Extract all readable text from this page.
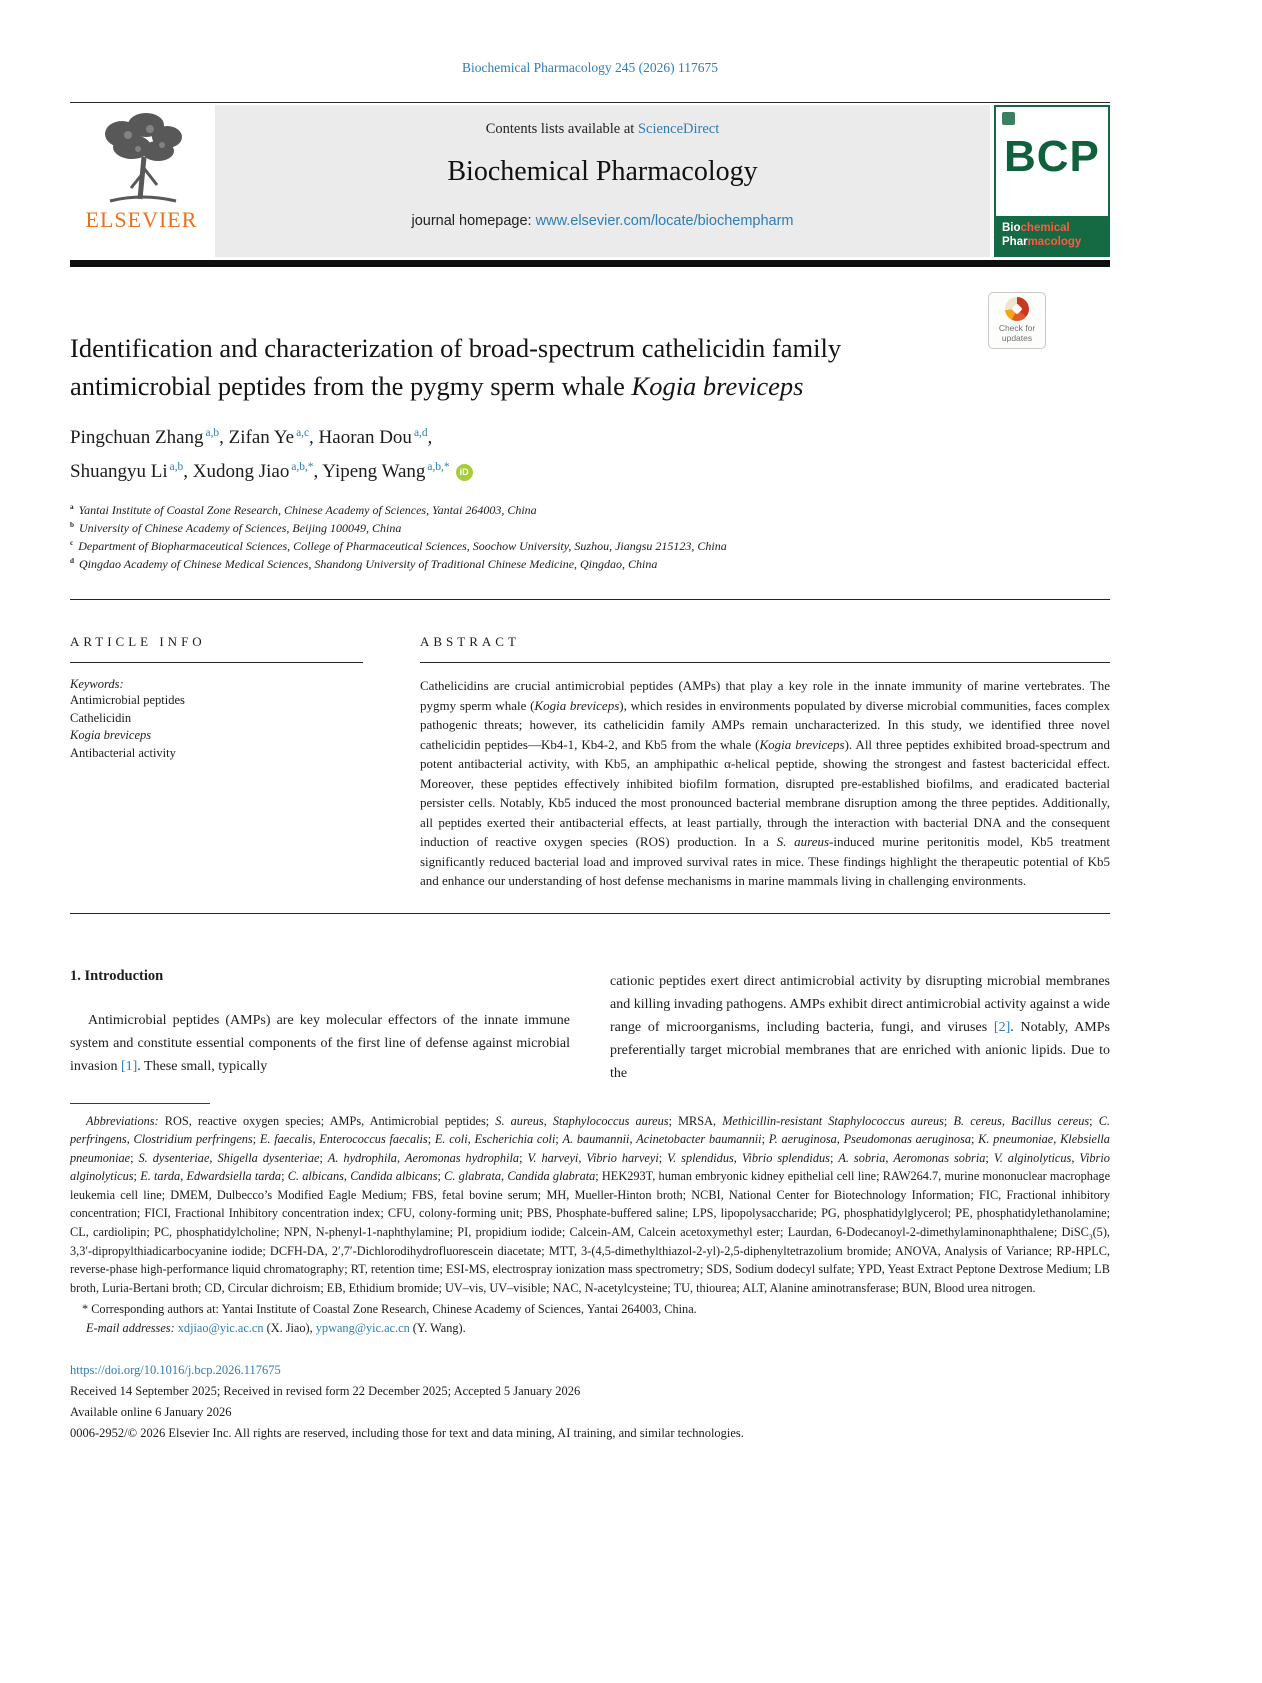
Biochemical Pharmacology 245 (2026) 117675
ELSEVIER
Contents lists available at ScienceDirect
Biochemical Pharmacology
journal homepage: www.elsevier.com/locate/biochempharm
BCP
Biochemical
Pharmacology
Identification and characterization of broad-spectrum cathelicidin family antimicrobial peptides from the pygmy sperm whale Kogia breviceps
Pingchuan Zhang $^{a,b}$, Zifan Ye $^{a,c}$, Haoran Dou $^{a,d}$,
Shuangyu Li $^{a,b}$, Xudong Jiao $^{a,b,*}$, Yipeng Wang $^{a,b,*}$ iD
$^a$ Yantai Institute of Coastal Zone Research, Chinese Academy of Sciences, Yantai 264003, China
$^b$ University of Chinese Academy of Sciences, Beijing 100049, China
$^c$ Department of Biopharmaceutical Sciences, College of Pharmaceutical Sciences, Soochow University, Suzhou, Jiangsu 215123, China
$^d$ Qingdao Academy of Chinese Medical Sciences, Shandong University of Traditional Chinese Medicine, Qingdao, China
ARTICLE INFO
Keywords:
Antimicrobial peptides
Cathelicidin
Kogia breviceps
Antibacterial activity
ABSTRACT

Cathelicidins are crucial antimicrobial peptides (AMPs) that play a key role in the innate immunity of marine vertebrates. The pygmy sperm whale (Kogia breviceps), which resides in environments populated by diverse microbial communities, faces complex pathogenic threats; however, its cathelicidin family AMPs remain uncharacterized. In this study, we identified three novel cathelicidin peptides—Kb4-1, Kb4-2, and Kb5 from the whale (Kogia breviceps). All three peptides exhibited broad-spectrum and potent antibacterial activity, with Kb5, an amphipathic α-helical peptide, showing the strongest and fastest bactericidal effect. Moreover, these peptides effectively inhibited biofilm formation, disrupted pre-established biofilms, and eradicated bacterial persister cells. Notably, Kb5 induced the most pronounced bacterial membrane disruption among the three peptides. Additionally, all peptides exerted their antibacterial effects, at least partially, through the interaction with bacterial DNA and the consequent induction of reactive oxygen species (ROS) production. In a S. aureus-induced murine peritonitis model, Kb5 treatment significantly reduced bacterial load and improved survival rates in mice. These findings highlight the therapeutic potential of Kb5 and enhance our understanding of host defense mechanisms in marine mammals living in challenging environments.

1. Introduction

Antimicrobial peptides (AMPs) are key molecular effectors of the innate immune system and constitute essential components of the first line of defense against microbial invasion [1]. These small, typically

cationic peptides exert direct antimicrobial activity by disrupting microbial membranes and killing invading pathogens. AMPs exhibit direct antimicrobial activity against a wide range of microorganisms, including bacteria, fungi, and viruses [2]. Notably, AMPs preferentially target microbial membranes that are enriched with anionic lipids. Due to the

Abbreviations: ROS, reactive oxygen species; AMPs, Antimicrobial peptides; S. aureus, Staphylococcus aureus; MRSA, Methicillin-resistant Staphylococcus aureus; B. cereus, Bacillus cereus; C. perfringens, Clostridium perfringens; E. faecalis, Enterococcus faecalis; E. coli, Escherichia coli; A. baumannii, Acinetobacter baumannii; P. aeruginosa, Pseudomonas aeruginosa; K. pneumoniae, Klebsiella pneumoniae; S. dysenteriae, Shigella dysenteriae; A. hydrophila, Aeromonas hydrophila; V. harveyi, Vibrio harveyi; V. splendidus, Vibrio splendidus; A. sobria, Aeromonas sobria; V. alginolyticus, Vibrio alginolyticus; E. tarda, Edwardsiella tarda; C. albicans, Candida albicans; C. glabrata, Candida glabrata; HEK293T, human embryonic kidney epithelial cell line; RAW264.7, murine mononuclear macrophage leukemia cell line; DMEM, Dulbecco’s Modified Eagle Medium; FBS, fetal bovine serum; MH, Mueller-Hinton broth; NCBI, National Center for Biotechnology Information; FIC, Fractional inhibitory concentration; FICI, Fractional Inhibitory concentration index; CFU, colony-forming unit; PBS, Phosphate-buffered saline; LPS, lipopolysaccharide; PG, phosphatidylglycerol; PE, phosphatidylethanolamine; CL, cardiolipin; PC, phosphatidylcholine; NPN, N-phenyl-1-naphthylamine; PI, propidium iodide; Calcein-AM, Calcein acetoxymethyl ester; Laurdan, 6-Dodecanoyl-2-dimethylaminonaphthalene; DiSC$_3$(5), 3,3′-dipropylthiadicarbocyanine iodide; DCFH-DA, 2′,7′-Dichlorodihydrofluorescein diacetate; MTT, 3-(4,5-dimethylthiazol-2-yl)-2,5-diphenyltetrazolium bromide; ANOVA, Analysis of Variance; RP-HPLC, reverse-phase high-performance liquid chromatography; RT, retention time; ESI-MS, electrospray ionization mass spectrometry; SDS, Sodium dodecyl sulfate; YPD, Yeast Extract Peptone Dextrose Medium; LB broth, Luria-Bertani broth; CD, Circular dichroism; EB, Ethidium bromide; UV–vis, UV–visible; NAC, N-acetylcysteine; TU, thiourea; ALT, Alanine aminotransferase; BUN, Blood urea nitrogen.

* Corresponding authors at: Yantai Institute of Coastal Zone Research, Chinese Academy of Sciences, Yantai 264003, China.

E-mail addresses: xdjiao@yic.ac.cn (X. Jiao), ypwang@yic.ac.cn (Y. Wang).

https://doi.org/10.1016/j.bcp.2026.117675
Received 14 September 2025; Received in revised form 22 December 2025; Accepted 5 January 2026
Available online 6 January 2026
0006-2952/© 2026 Elsevier Inc. All rights are reserved, including those for text and data mining, AI training, and similar technologies.
Check for updates
